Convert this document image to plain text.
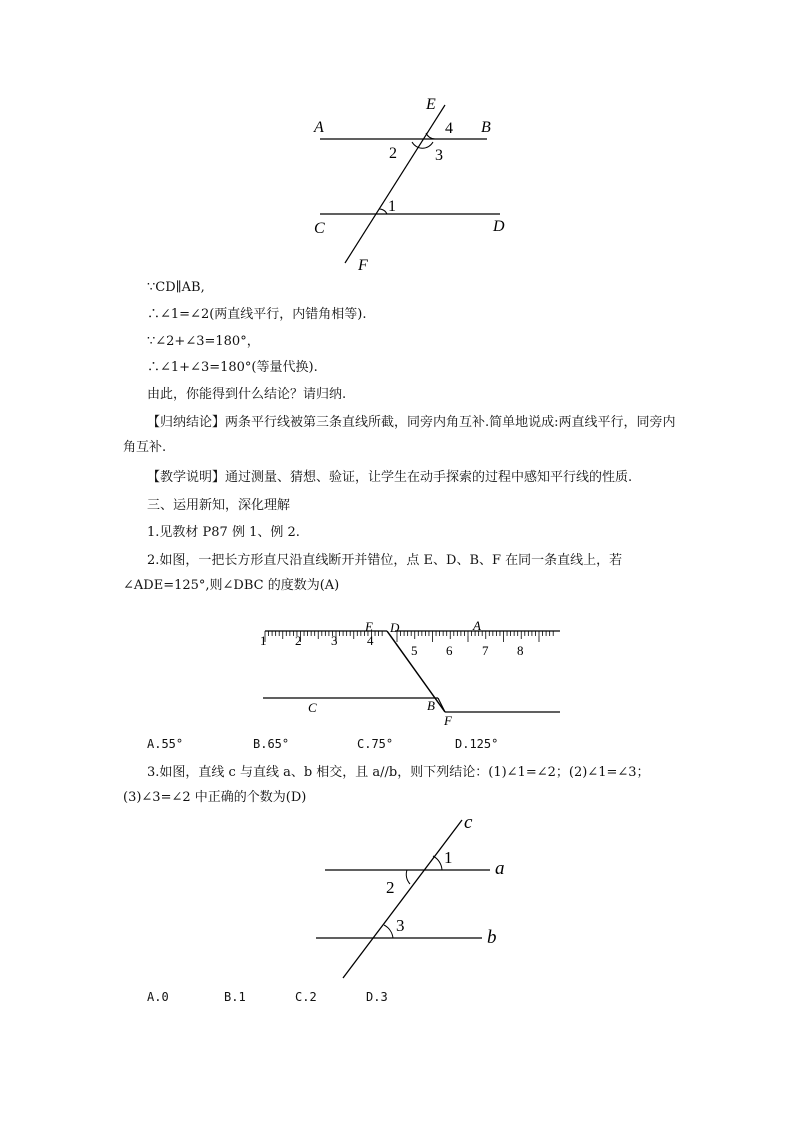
E
A	B
4
2 3
1
C	D
F
∵CD∥AB,
∴∠1=∠2(两直线平行，内错角相等).
∵∠2+∠3=180°，
∴∠1+∠3=180°(等量代换).
由此，你能得到什么结论？请归纳.
【归纳结论】两条平行线被第三条直线所截，同旁内角互补.简单地说成:两直线平行，同旁内角互补.
【教学说明】通过测量、猜想、验证，让学生在动手探索的过程中感知平行线的性质.
三、运用新知，深化理解
1.见教材 P87 例 1、例 2.
2.如图，一把长方形直尺沿直线断开并错位，点 E、D、B、F 在同一条直线上，若∠ADE=125°,则∠DBC 的度数为(A)
E D	A
C	B
F
1 2 3 4
5 6 7 8
A.55°	B.65°	C.75°	D.125°
3.如图，直线 c 与直线 a、b 相交，且 a//b，则下列结论：(1)∠1=∠2；(2)∠1=∠3；(3)∠3=∠2 中正确的个数为(D)
c
a
b
1
2
3
A.0	B.1	C.2	D.3
